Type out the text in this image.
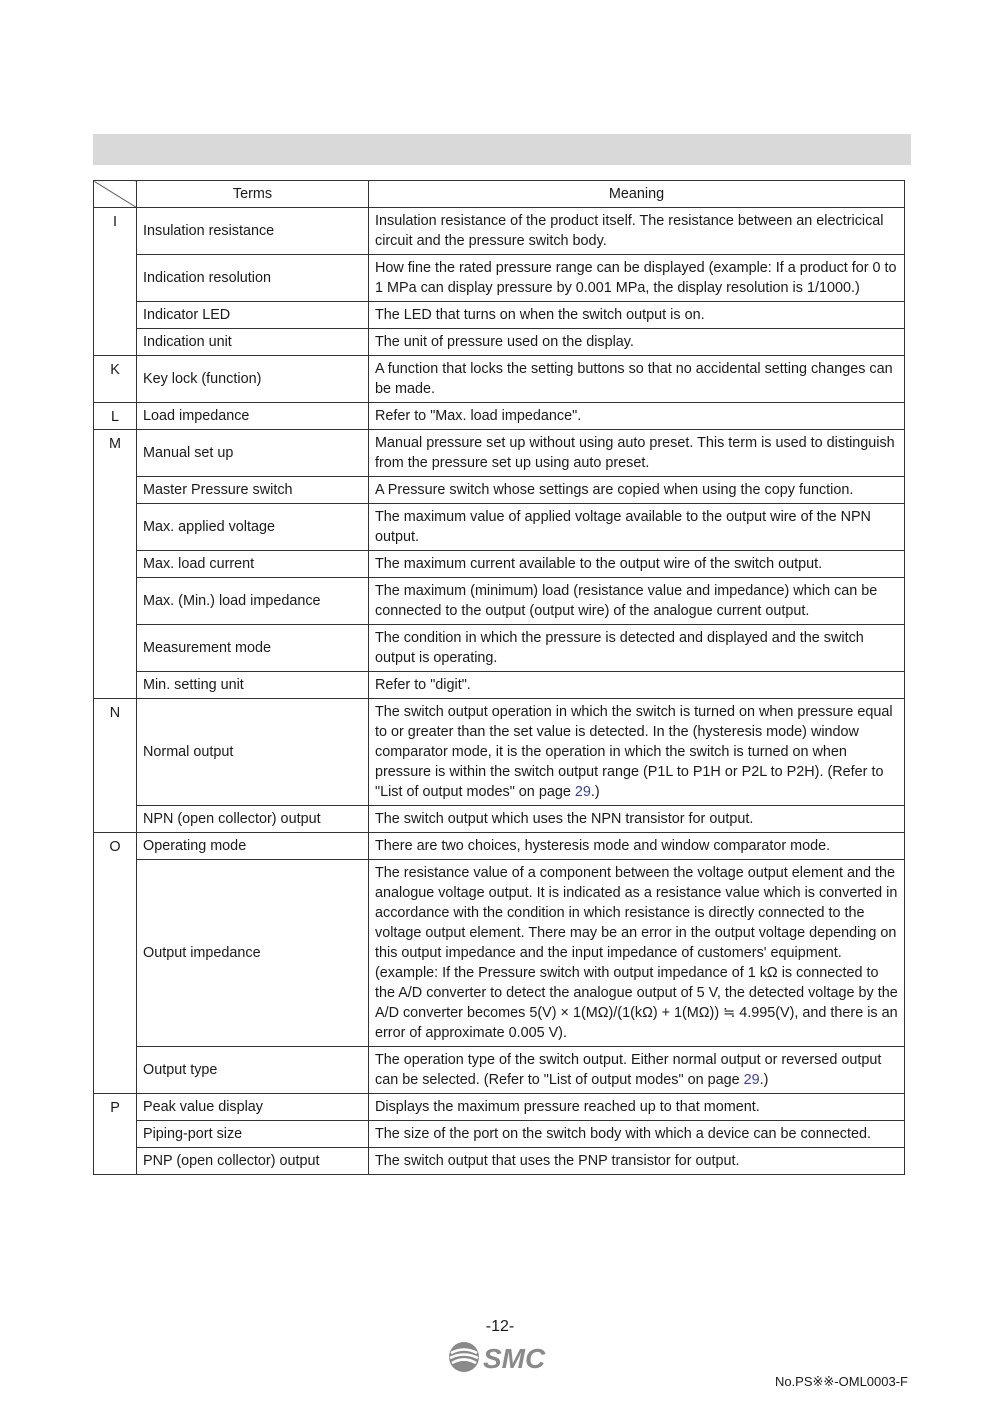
	Terms	Meaning
I	Insulation resistance	Insulation resistance of the product itself. The resistance between an electricical circuit and the pressure switch body.
	Indication resolution	How fine the rated pressure range can be displayed (example: If a product for 0 to 1 MPa can display pressure by 0.001 MPa, the display resolution is 1/1000.)
	Indicator LED	The LED that turns on when the switch output is on.
	Indication unit	The unit of pressure used on the display.
K	Key lock (function)	A function that locks the setting buttons so that no accidental setting changes can be made.
L	Load impedance	Refer to "Max. load impedance".
M	Manual set up	Manual pressure set up without using auto preset. This term is used to distinguish from the pressure set up using auto preset.
	Master Pressure switch	A Pressure switch whose settings are copied when using the copy function.
	Max. applied voltage	The maximum value of applied voltage available to the output wire of the NPN output.
	Max. load current	The maximum current available to the output wire of the switch output.
	Max. (Min.) load impedance	The maximum (minimum) load (resistance value and impedance) which can be connected to the output (output wire) of the analogue current output.
	Measurement mode	The condition in which the pressure is detected and displayed and the switch output is operating.
	Min. setting unit	Refer to "digit".
N	Normal output	The switch output operation in which the switch is turned on when pressure equal to or greater than the set value is detected. In the (hysteresis mode) window comparator mode, it is the operation in which the switch is turned on when pressure is within the switch output range (P1L to P1H or P2L to P2H). (Refer to "List of output modes" on page 29.)
	NPN (open collector) output	The switch output which uses the NPN transistor for output.
O	Operating mode	There are two choices, hysteresis mode and window comparator mode.
	Output impedance	The resistance value of a component between the voltage output element and the analogue voltage output. It is indicated as a resistance value which is converted in accordance with the condition in which resistance is directly connected to the voltage output element. There may be an error in the output voltage depending on this output impedance and the input impedance of customers' equipment. (example: If the Pressure switch with output impedance of 1 kΩ is connected to the A/D converter to detect the analogue output of 5 V, the detected voltage by the A/D converter becomes 5(V) × 1(MΩ)/(1(kΩ) + 1(MΩ)) ≒ 4.995(V), and there is an error of approximate 0.005 V).
	Output type	The operation type of the switch output. Either normal output or reversed output can be selected. (Refer to "List of output modes" on page 29.)
P	Peak value display	Displays the maximum pressure reached up to that moment.
	Piping-port size	The size of the port on the switch body with which a device can be connected.
	PNP (open collector) output	The switch output that uses the PNP transistor for output.
-12-
SMC
No.PS※※-OML0003-F
